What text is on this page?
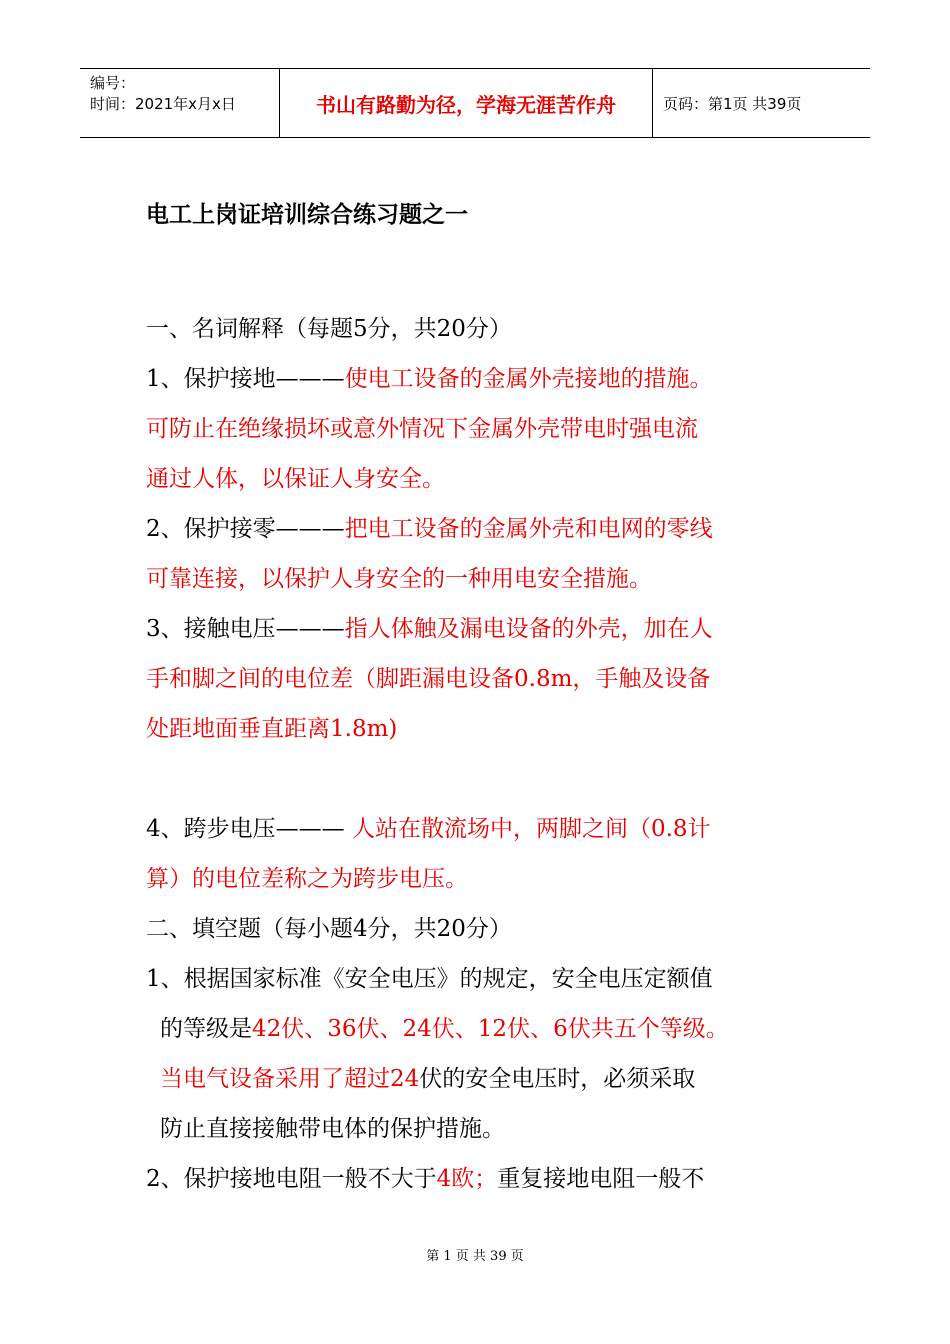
编号：
时间：2021年x月x日	书山有路勤为径，学海无涯苦作舟	页码：第1页 共39页
电工上岗证培训综合练习题之一
一、名词解释（每题5分，共20分）
1、保护接地———使电工设备的金属外壳接地的措施。
可防止在绝缘损坏或意外情况下金属外壳带电时强电流
通过人体，以保证人身安全。
2、保护接零———把电工设备的金属外壳和电网的零线
可靠连接，以保护人身安全的一种用电安全措施。
3、接触电压———指人体触及漏电设备的外壳，加在人
手和脚之间的电位差（脚距漏电设备0.8m，手触及设备
处距地面垂直距离1.8m)
4、跨步电压——— 人站在散流场中，两脚之间（0.8计
算）的电位差称之为跨步电压。
二、填空题（每小题4分，共20分）
1、根据国家标准《安全电压》的规定，安全电压定额值
的等级是42伏、36伏、24伏、12伏、6伏共五个等级。
当电气设备采用了超过24伏的安全电压时，必须采取
防止直接接触带电体的保护措施。
2、保护接地电阻一般不大于4欧；重复接地电阻一般不
第 1 页 共 39 页
